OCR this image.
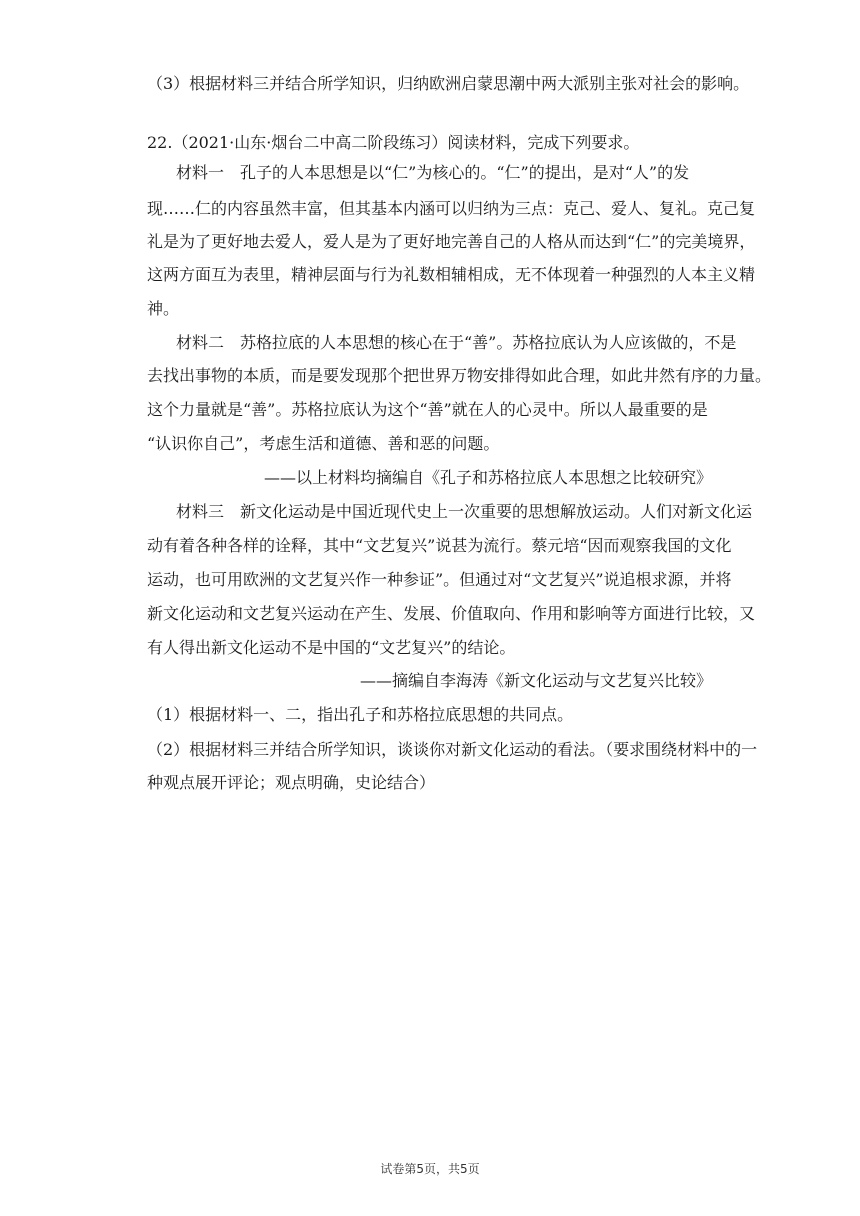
（3）根据材料三并结合所学知识，归纳欧洲启蒙思潮中两大派别主张对社会的影响。
22.（2021·山东·烟台二中高二阶段练习）阅读材料，完成下列要求。
材料一　孔子的人本思想是以“仁”为核心的。“仁”的提出，是对“人”的发
现……仁的内容虽然丰富，但其基本内涵可以归纳为三点：克己、爱人、复礼。克己复
礼是为了更好地去爱人，爱人是为了更好地完善自己的人格从而达到“仁”的完美境界，
这两方面互为表里，精神层面与行为礼数相辅相成，无不体现着一种强烈的人本主义精
神。
材料二　苏格拉底的人本思想的核心在于“善”。苏格拉底认为人应该做的，不是
去找出事物的本质，而是要发现那个把世界万物安排得如此合理，如此井然有序的力量。
这个力量就是“善”。苏格拉底认为这个“善”就在人的心灵中。所以人最重要的是
“认识你自己”，考虑生活和道德、善和恶的问题。
——以上材料均摘编自《孔子和苏格拉底人本思想之比较研究》
材料三　新文化运动是中国近现代史上一次重要的思想解放运动。人们对新文化运
动有着各种各样的诠释，其中“文艺复兴”说甚为流行。蔡元培“因而观察我国的文化
运动，也可用欧洲的文艺复兴作一种参证”。但通过对“文艺复兴”说追根求源，并将
新文化运动和文艺复兴运动在产生、发展、价值取向、作用和影响等方面进行比较，又
有人得出新文化运动不是中国的“文艺复兴”的结论。
——摘编自李海涛《新文化运动与文艺复兴比较》
（1）根据材料一、二，指出孔子和苏格拉底思想的共同点。
（2）根据材料三并结合所学知识，谈谈你对新文化运动的看法。（要求围绕材料中的一
种观点展开评论；观点明确，史论结合）
试卷第5页，共5页
